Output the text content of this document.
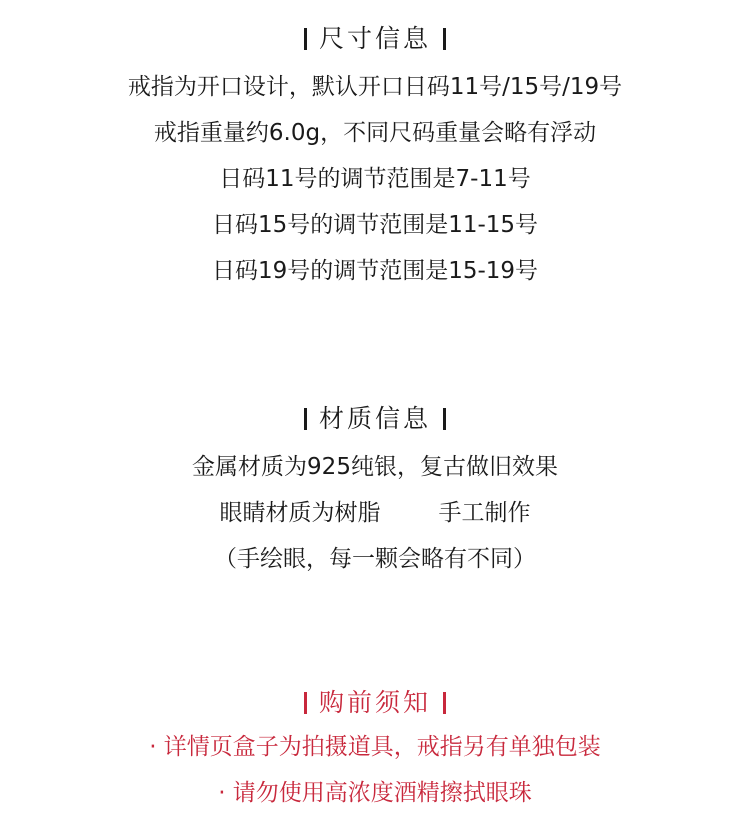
尺寸信息

戒指为开口设计，默认开口日码11号/15号/19号

戒指重量约6.0g，不同尺码重量会略有浮动

日码11号的调节范围是7-11号

日码15号的调节范围是11-15号

日码19号的调节范围是15-19号

材质信息

金属材质为925纯银，复古做旧效果

眼睛材质为树脂	手工制作

（手绘眼，每一颗会略有不同）

购前须知

· 详情页盒子为拍摄道具，戒指另有单独包装

· 请勿使用高浓度酒精擦拭眼珠
